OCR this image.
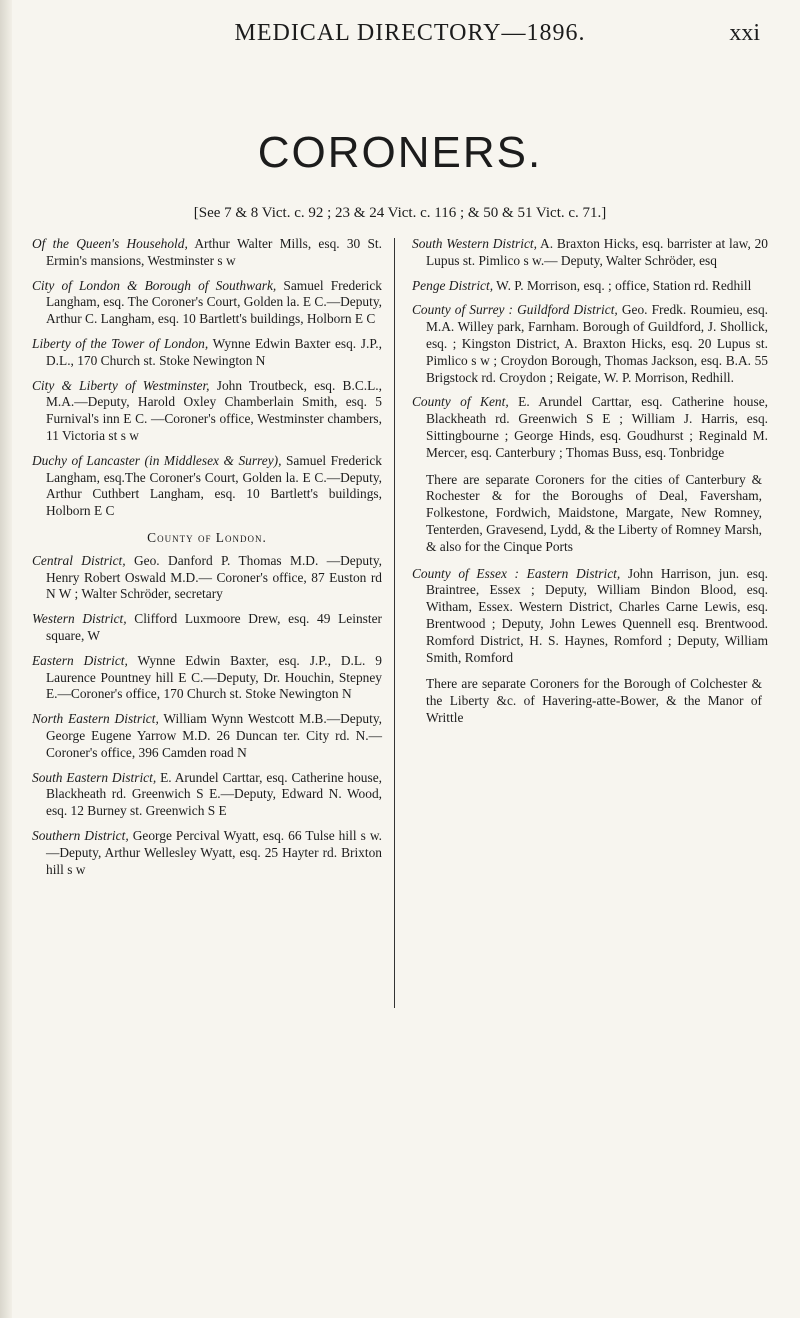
MEDICAL DIRECTORY—1896.	xxi
CORONERS.
[See 7 & 8 Vict. c. 92 ; 23 & 24 Vict. c. 116 ; & 50 & 51 Vict. c. 71.]

Of the Queen's Household, Arthur Walter Mills, esq. 30 St. Ermin's mansions, Westminster s w

City of London & Borough of Southwark, Samuel Frederick Langham, esq. The Coroner's Court, Golden la. E C.—Deputy, Arthur C. Langham, esq. 10 Bartlett's buildings, Holborn E C

Liberty of the Tower of London, Wynne Edwin Baxter esq. J.P., D.L., 170 Church st. Stoke Newington N

City & Liberty of Westminster, John Troutbeck, esq. B.C.L., M.A.—Deputy, Harold Oxley Chamberlain Smith, esq. 5 Furnival's inn E C. —Coroner's office, Westminster chambers, 11 Victoria st s w

Duchy of Lancaster (in Middlesex & Surrey), Samuel Frederick Langham, esq.The Coroner's Court, Golden la. E C.—Deputy, Arthur Cuthbert Langham, esq. 10 Bartlett's buildings, Holborn E C

County of London.

Central District, Geo. Danford P. Thomas M.D. —Deputy, Henry Robert Oswald M.D.— Coroner's office, 87 Euston rd N W ; Walter Schröder, secretary

Western District, Clifford Luxmoore Drew, esq. 49 Leinster square, W

Eastern District, Wynne Edwin Baxter, esq. J.P., D.L. 9 Laurence Pountney hill E C.—Deputy, Dr. Houchin, Stepney E.—Coroner's office, 170 Church st. Stoke Newington N

North Eastern District, William Wynn Westcott M.B.—Deputy, George Eugene Yarrow M.D. 26 Duncan ter. City rd. N.—Coroner's office, 396 Camden road N

South Eastern District, E. Arundel Carttar, esq. Catherine house, Blackheath rd. Greenwich S E.—Deputy, Edward N. Wood, esq. 12 Burney st. Greenwich S E

Southern District, George Percival Wyatt, esq. 66 Tulse hill s w.—Deputy, Arthur Wellesley Wyatt, esq. 25 Hayter rd. Brixton hill s w

South Western District, A. Braxton Hicks, esq. barrister at law, 20 Lupus st. Pimlico s w.— Deputy, Walter Schröder, esq

Penge District, W. P. Morrison, esq. ; office, Station rd. Redhill

County of Surrey : Guildford District, Geo. Fredk. Roumieu, esq. M.A. Willey park, Farnham. Borough of Guildford, J. Shollick, esq. ; Kingston District, A. Braxton Hicks, esq. 20 Lupus st. Pimlico s w ; Croydon Borough, Thomas Jackson, esq. B.A. 55 Brigstock rd. Croydon ; Reigate, W. P. Morrison, Redhill.

County of Kent, E. Arundel Carttar, esq. Catherine house, Blackheath rd. Greenwich S E ; William J. Harris, esq. Sittingbourne ; George Hinds, esq. Goudhurst ; Reginald M. Mercer, esq. Canterbury ; Thomas Buss, esq. Tonbridge

There are separate Coroners for the cities of Canterbury & Rochester & for the Boroughs of Deal, Faversham, Folkestone, Fordwich, Maidstone, Margate, New Romney, Tenterden, Gravesend, Lydd, & the Liberty of Romney Marsh, & also for the Cinque Ports

County of Essex : Eastern District, John Harrison, jun. esq. Braintree, Essex ; Deputy, William Bindon Blood, esq. Witham, Essex. Western District, Charles Carne Lewis, esq. Brentwood ; Deputy, John Lewes Quennell esq. Brentwood. Romford District, H. S. Haynes, Romford ; Deputy, William Smith, Romford

There are separate Coroners for the Borough of Colchester & the Liberty &c. of Havering-atte-Bower, & the Manor of Writtle
